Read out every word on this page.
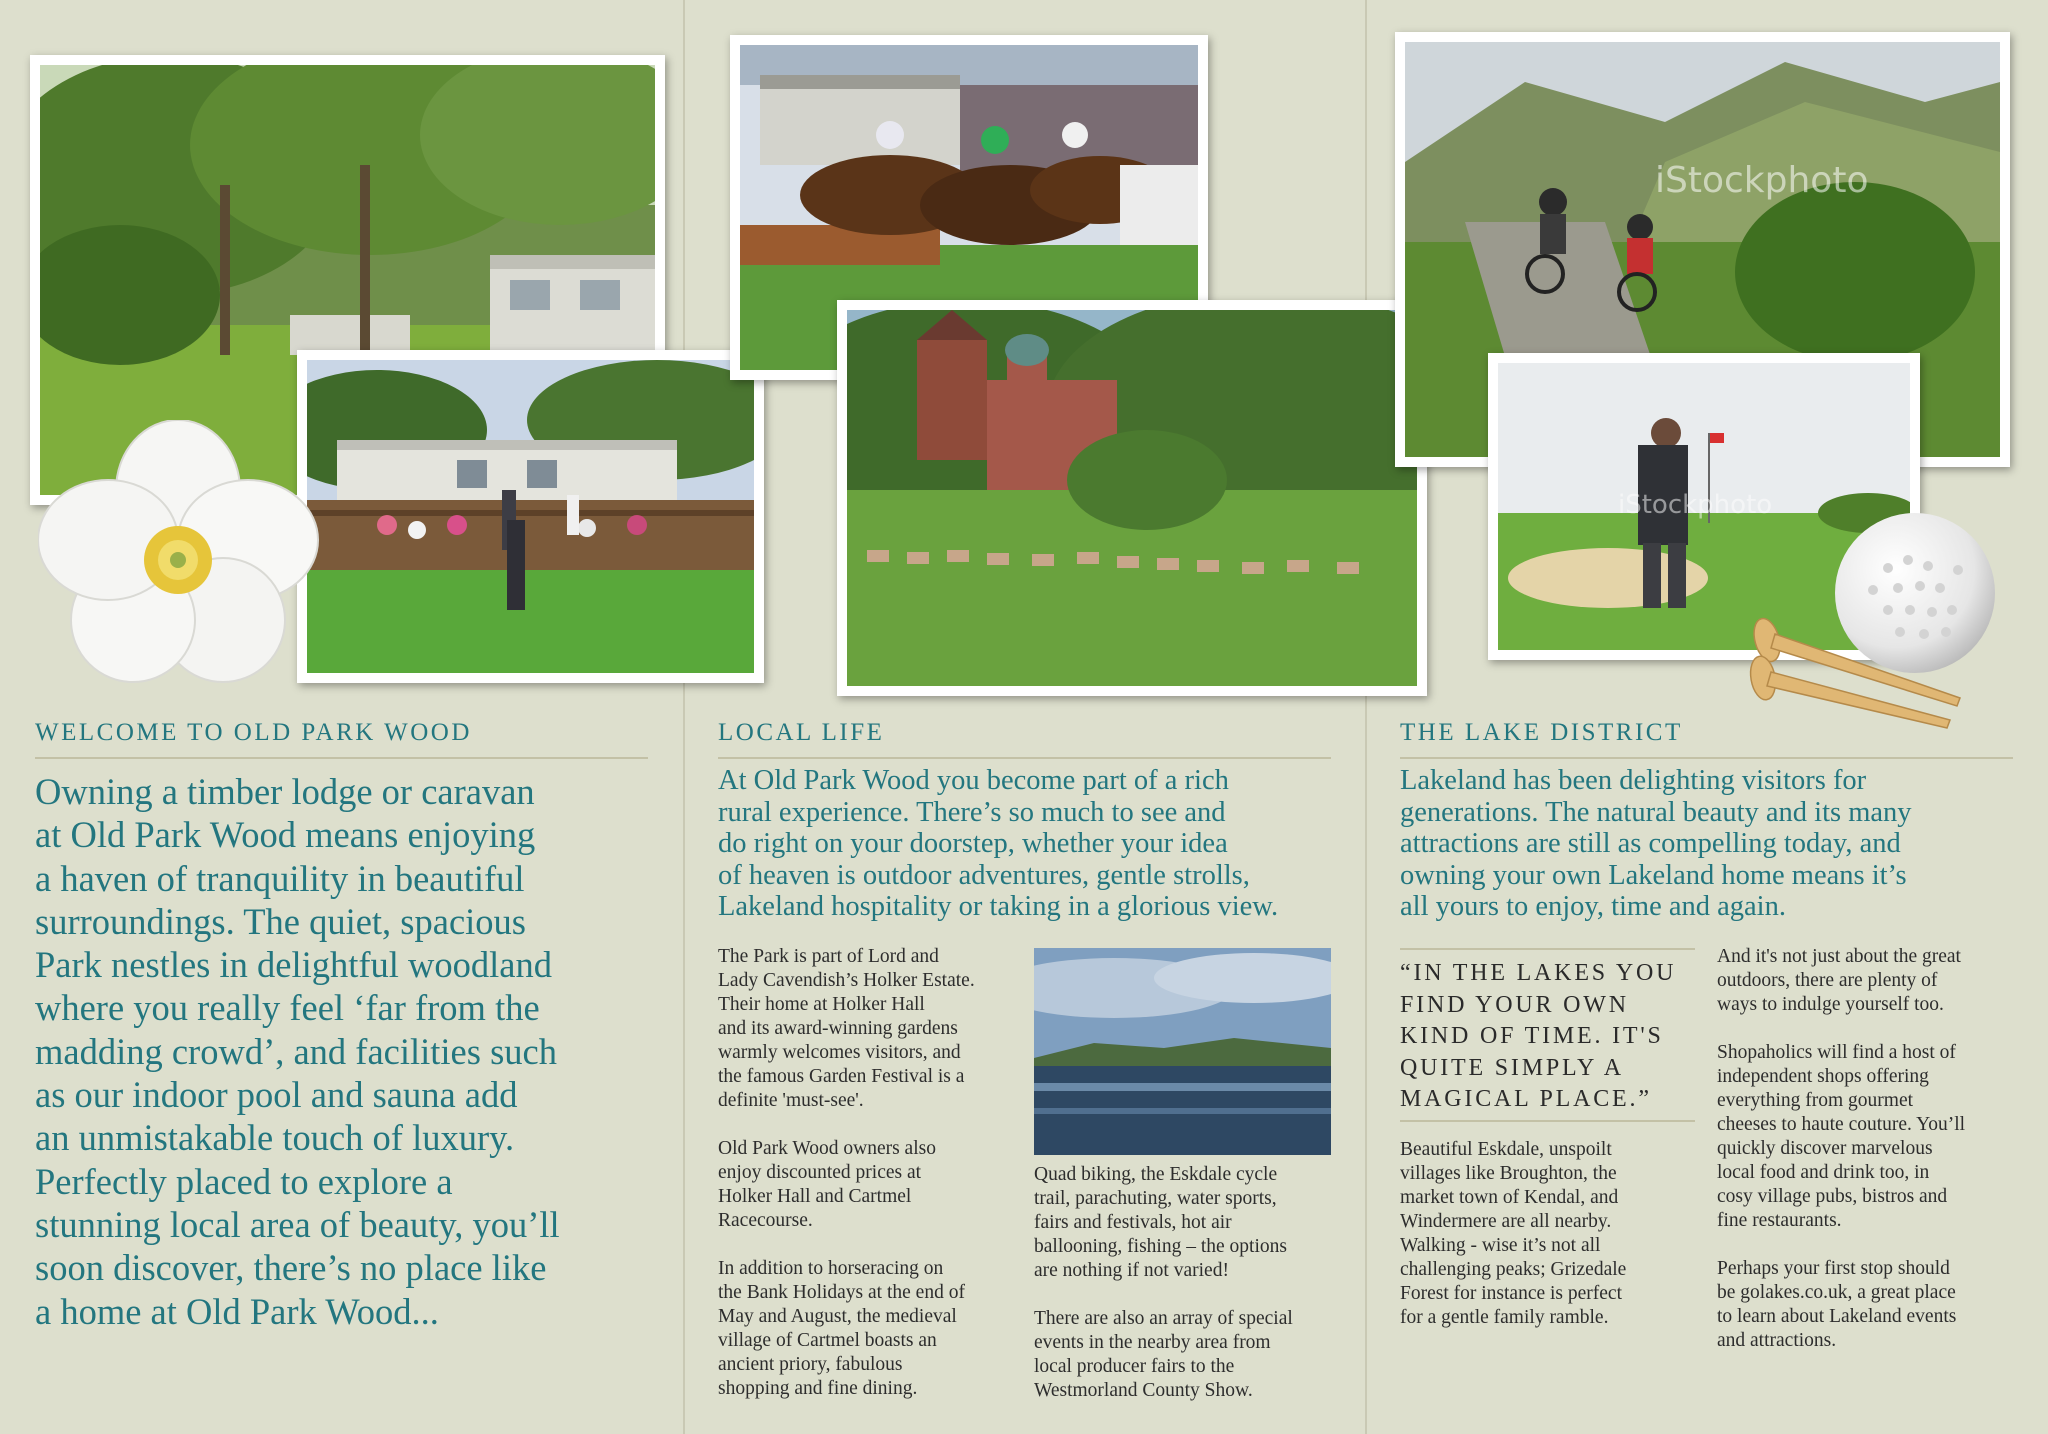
iStockphoto
iStockphoto
WELCOME TO OLD PARK WOOD
Owning a timber lodge or caravan
at Old Park Wood means enjoying
a haven of tranquility in beautiful
surroundings. The quiet, spacious
Park nestles in delightful woodland
where you really feel ‘far from the
madding crowd’, and facilities such
as our indoor pool and sauna add
an unmistakable touch of luxury.
Perfectly placed to explore a
stunning local area of beauty, you’ll
soon discover, there’s no place like
a home at Old Park Wood...
LOCAL LIFE
At Old Park Wood you become part of a rich
rural experience. There’s so much to see and
do right on your doorstep, whether your idea
of heaven is outdoor adventures, gentle strolls,
Lakeland hospitality or taking in a glorious view.

The Park is part of Lord and
Lady Cavendish’s Holker Estate.
Their home at Holker Hall
and its award-winning gardens
warmly welcomes visitors, and
the famous Garden Festival is a
definite 'must-see'.

Old Park Wood owners also
enjoy discounted prices at
Holker Hall and Cartmel
Racecourse.

In addition to horseracing on
the Bank Holidays at the end of
May and August, the medieval
village of Cartmel boasts an
ancient priory, fabulous
shopping and fine dining.

Quad biking, the Eskdale cycle
trail, parachuting, water sports,
fairs and festivals, hot air
ballooning, fishing – the options
are nothing if not varied!

There are also an array of special
events in the nearby area from
local producer fairs to the
Westmorland County Show.

THE LAKE DISTRICT
Lakeland has been delighting visitors for
generations. The natural beauty and its many
attractions are still as compelling today, and
owning your own Lakeland home means it’s
all yours to enjoy, time and again.
“IN THE LAKES YOU
FIND YOUR OWN
KIND OF TIME. IT'S
QUITE SIMPLY A
MAGICAL PLACE.”

Beautiful Eskdale, unspoilt
villages like Broughton, the
market town of Kendal, and
Windermere are all nearby.
Walking - wise it’s not all
challenging peaks; Grizedale
Forest for instance is perfect
for a gentle family ramble.

And it's not just about the great
outdoors, there are plenty of
ways to indulge yourself too.

Shopaholics will find a host of
independent shops offering
everything from gourmet
cheeses to haute couture. You’ll
quickly discover marvelous
local food and drink too, in
cosy village pubs, bistros and
fine restaurants.

Perhaps your first stop should
be golakes.co.uk, a great place
to learn about Lakeland events
and attractions.
